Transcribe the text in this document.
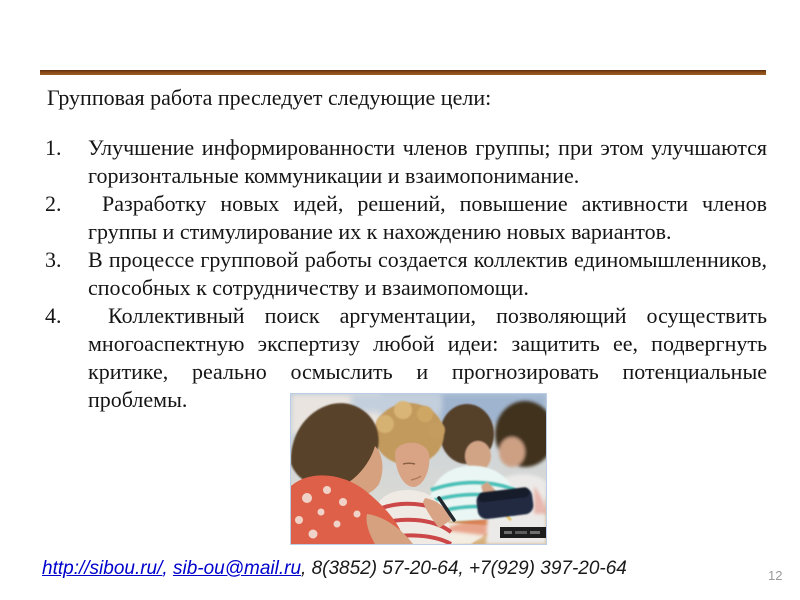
Групповая работа преследует следующие цели:
1.	Улучшение информированности членов группы; при этом улучшаются горизонтальные коммуникации и взаимопонимание.
2.	Разработку новых идей, решений, повышение активности членов группы и стимулирование их к нахождению новых вариантов.
3.	В процессе групповой работы создается коллектив единомышленников, способных к сотрудничеству и взаимопомощи.
4.	Коллективный поиск аргументации, позволяющий осуществить многоаспектную экспертизу любой идеи: защитить ее, подвергнуть критике, реально осмыслить и прогнозировать потенциальные проблемы.
http://sibou.ru/, sib-ou@mail.ru, 8(3852) 57-20-64, +7(929) 397-20-64	12
